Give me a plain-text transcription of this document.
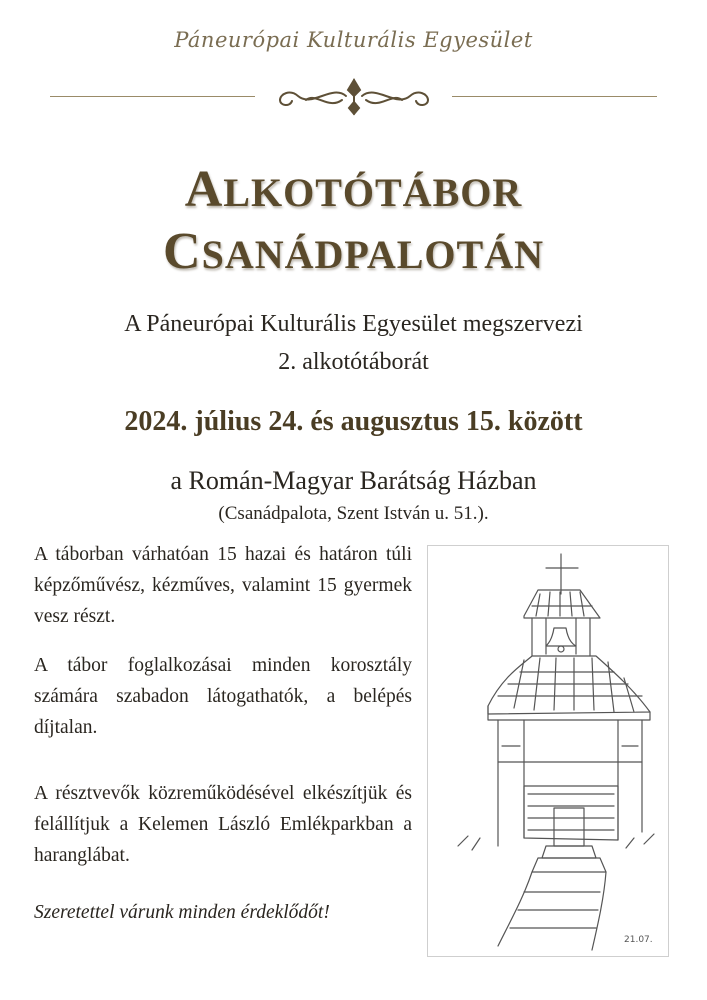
Páneurópai Kulturális Egyesület
ALKOTÓTÁBOR
CSANÁDPALOTÁN
A Páneurópai Kulturális Egyesület megszervezi
2. alkotótáborát
2024. július 24. és augusztus 15. között
a Román-Magyar Barátság Házban
(Csanádpalota, Szent István u. 51.).
A táborban várhatóan 15 hazai és határon túli képzőművész, kézműves, valamint 15 gyermek vesz részt.
A tábor foglalkozásai minden korosztály számára szabadon látogathatók, a belépés díjtalan.
A résztvevők közreműködésével elkészítjük és felállítjuk a Kelemen László Emlékparkban a haranglábat.
Szeretettel várunk minden érdeklődőt!
21.07.
